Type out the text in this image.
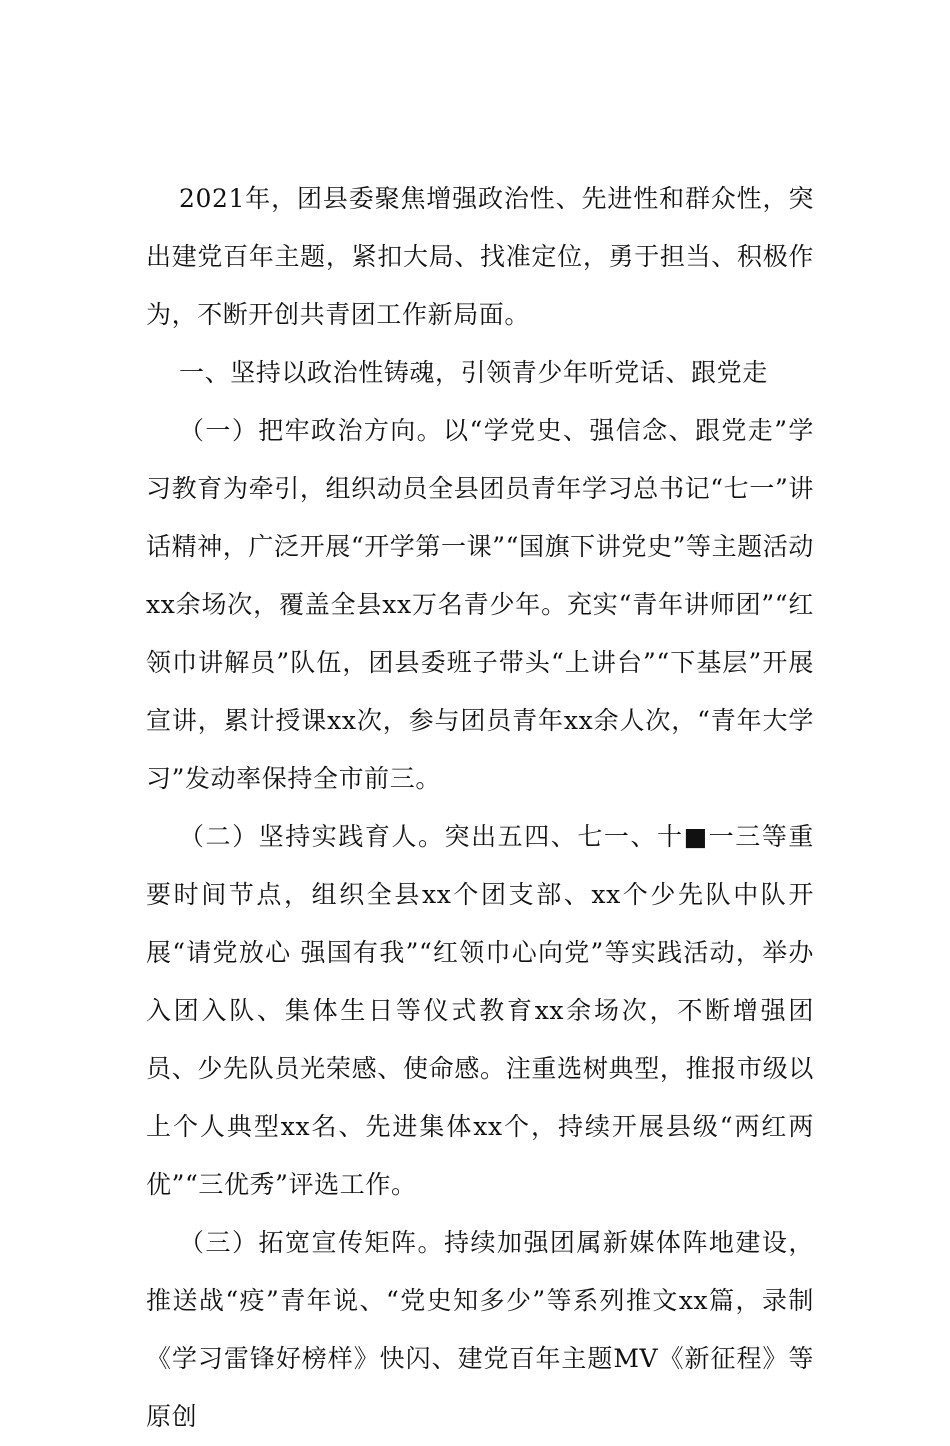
2021年，团县委聚焦增强政治性、先进性和群众性，突出建党百年主题，紧扣大局、找准定位，勇于担当、积极作为，不断开创共青团工作新局面。

一、坚持以政治性铸魂，引领青少年听党话、跟党走

（一）把牢政治方向。以“学党史、强信念、跟党走”学习教育为牵引，组织动员全县团员青年学习总书记“七一”讲话精神，广泛开展“开学第一课”“国旗下讲党史”等主题活动xx余场次，覆盖全县xx万名青少年。充实“青年讲师团”“红领巾讲解员”队伍，团县委班子带头“上讲台”“下基层”开展宣讲，累计授课xx次，参与团员青年xx余人次，“青年大学习”发动率保持全市前三。

（二）坚持实践育人。突出五四、七一、十■一三等重要时间节点，组织全县xx个团支部、xx个少先队中队开展“请党放心 强国有我”“红领巾心向党”等实践活动，举办入团入队、集体生日等仪式教育xx余场次，不断增强团员、少先队员光荣感、使命感。注重选树典型，推报市级以上个人典型xx名、先进集体xx个，持续开展县级“两红两优”“三优秀”评选工作。

（三）拓宽宣传矩阵。持续加强团属新媒体阵地建设，推送战“疫”青年说、“党史知多少”等系列推文xx篇，录制《学习雷锋好榜样》快闪、建党百年主题MV《新征程》等原创
